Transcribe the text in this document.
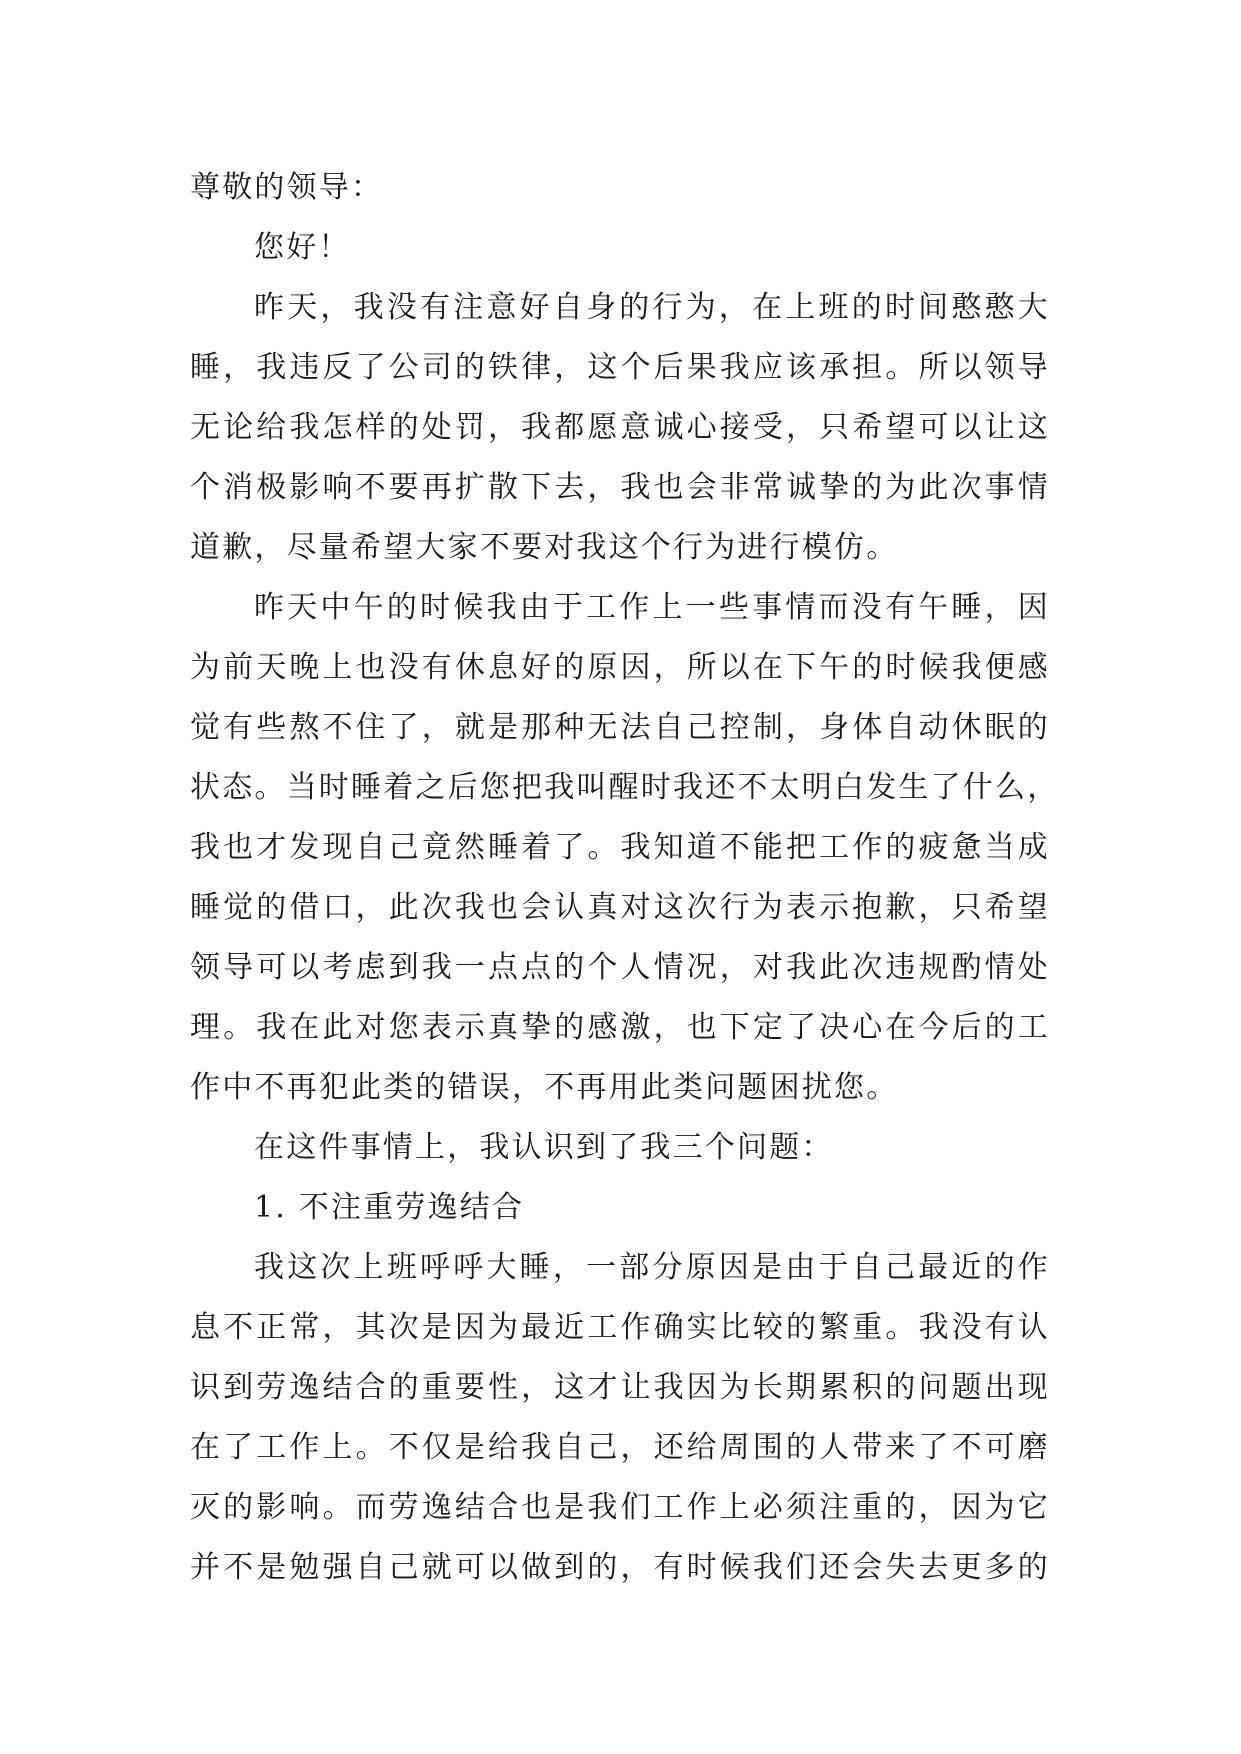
尊敬的领导：
您好！
昨天，我没有注意好自身的行为，在上班的时间憨憨大
睡，我违反了公司的铁律，这个后果我应该承担。所以领导
无论给我怎样的处罚，我都愿意诚心接受，只希望可以让这
个消极影响不要再扩散下去，我也会非常诚挚的为此次事情
道歉，尽量希望大家不要对我这个行为进行模仿。
昨天中午的时候我由于工作上一些事情而没有午睡，因
为前天晚上也没有休息好的原因，所以在下午的时候我便感
觉有些熬不住了，就是那种无法自己控制，身体自动休眠的
状态。当时睡着之后您把我叫醒时我还不太明白发生了什么，
我也才发现自己竟然睡着了。我知道不能把工作的疲惫当成
睡觉的借口，此次我也会认真对这次行为表示抱歉，只希望
领导可以考虑到我一点点的个人情况，对我此次违规酌情处
理。我在此对您表示真挚的感激，也下定了决心在今后的工
作中不再犯此类的错误，不再用此类问题困扰您。
在这件事情上，我认识到了我三个问题：
1. 不注重劳逸结合
我这次上班呼呼大睡，一部分原因是由于自己最近的作
息不正常，其次是因为最近工作确实比较的繁重。我没有认
识到劳逸结合的重要性，这才让我因为长期累积的问题出现
在了工作上。不仅是给我自己，还给周围的人带来了不可磨
灭的影响。而劳逸结合也是我们工作上必须注重的，因为它
并不是勉强自己就可以做到的，有时候我们还会失去更多的
